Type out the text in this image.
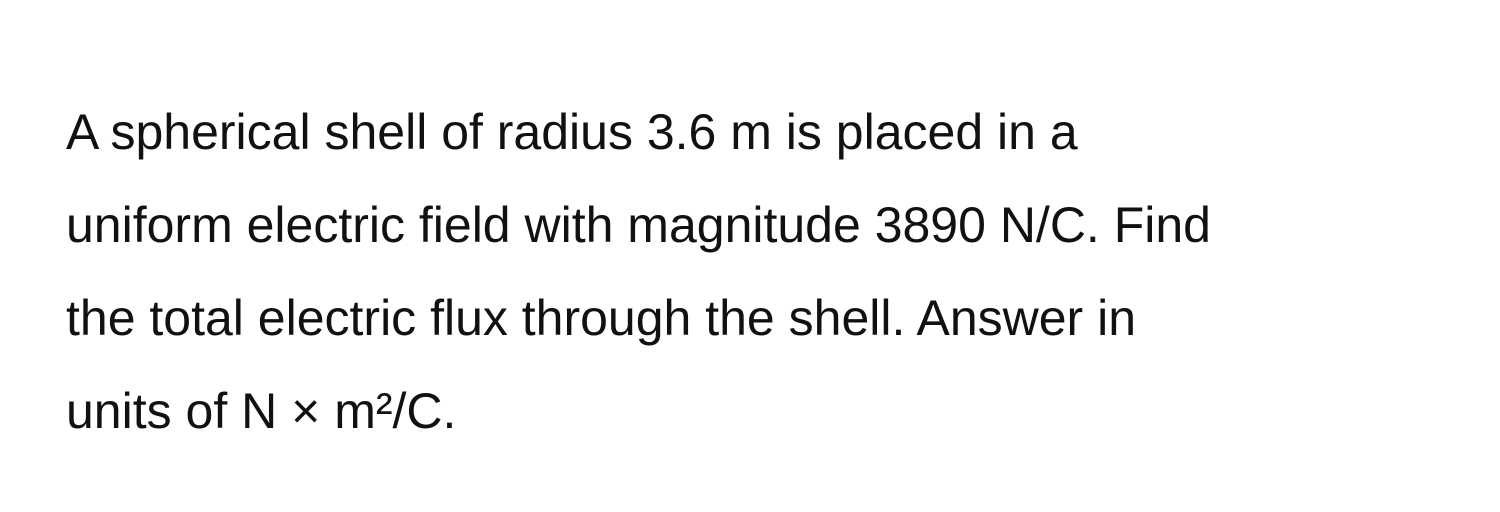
A spherical shell of radius 3.6 m is placed in a
uniform electric field with magnitude 3890 N/C. Find
the total electric flux through the shell. Answer in
units of N × m²/C.
